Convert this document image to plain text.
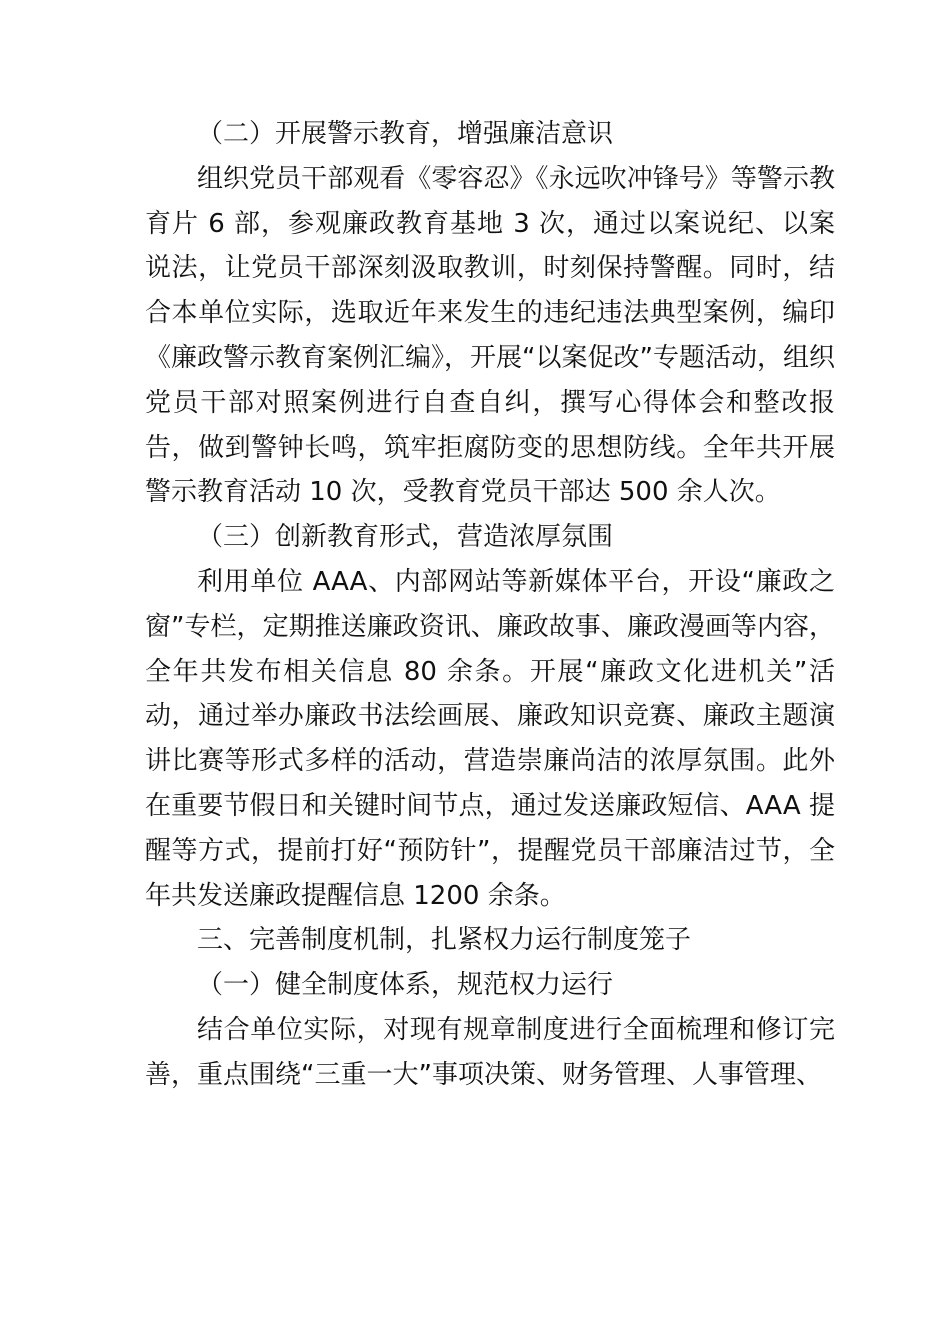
（二）开展警示教育，增强廉洁意识

组织党员干部观看《零容忍》《永远吹冲锋号》等警示教育片 6 部，参观廉政教育基地 3 次，通过以案说纪、以案说法，让党员干部深刻汲取教训，时刻保持警醒。同时，结合本单位实际，选取近年来发生的违纪违法典型案例，编印《廉政警示教育案例汇编》，开展“以案促改”专题活动，组织党员干部对照案例进行自查自纠，撰写心得体会和整改报告，做到警钟长鸣，筑牢拒腐防变的思想防线。全年共开展警示教育活动 10 次，受教育党员干部达 500 余人次。

（三）创新教育形式，营造浓厚氛围

利用单位 AAA、内部网站等新媒体平台，开设“廉政之窗”专栏，定期推送廉政资讯、廉政故事、廉政漫画等内容，全年共发布相关信息 80 余条。开展“廉政文化进机关”活动，通过举办廉政书法绘画展、廉政知识竞赛、廉政主题演讲比赛等形式多样的活动，营造崇廉尚洁的浓厚氛围。此外在重要节假日和关键时间节点，通过发送廉政短信、AAA 提醒等方式，提前打好“预防针”，提醒党员干部廉洁过节，全年共发送廉政提醒信息 1200 余条。

三、完善制度机制，扎紧权力运行制度笼子

（一）健全制度体系，规范权力运行

结合单位实际，对现有规章制度进行全面梳理和修订完善，重点围绕“三重一大”事项决策、财务管理、人事管理、
